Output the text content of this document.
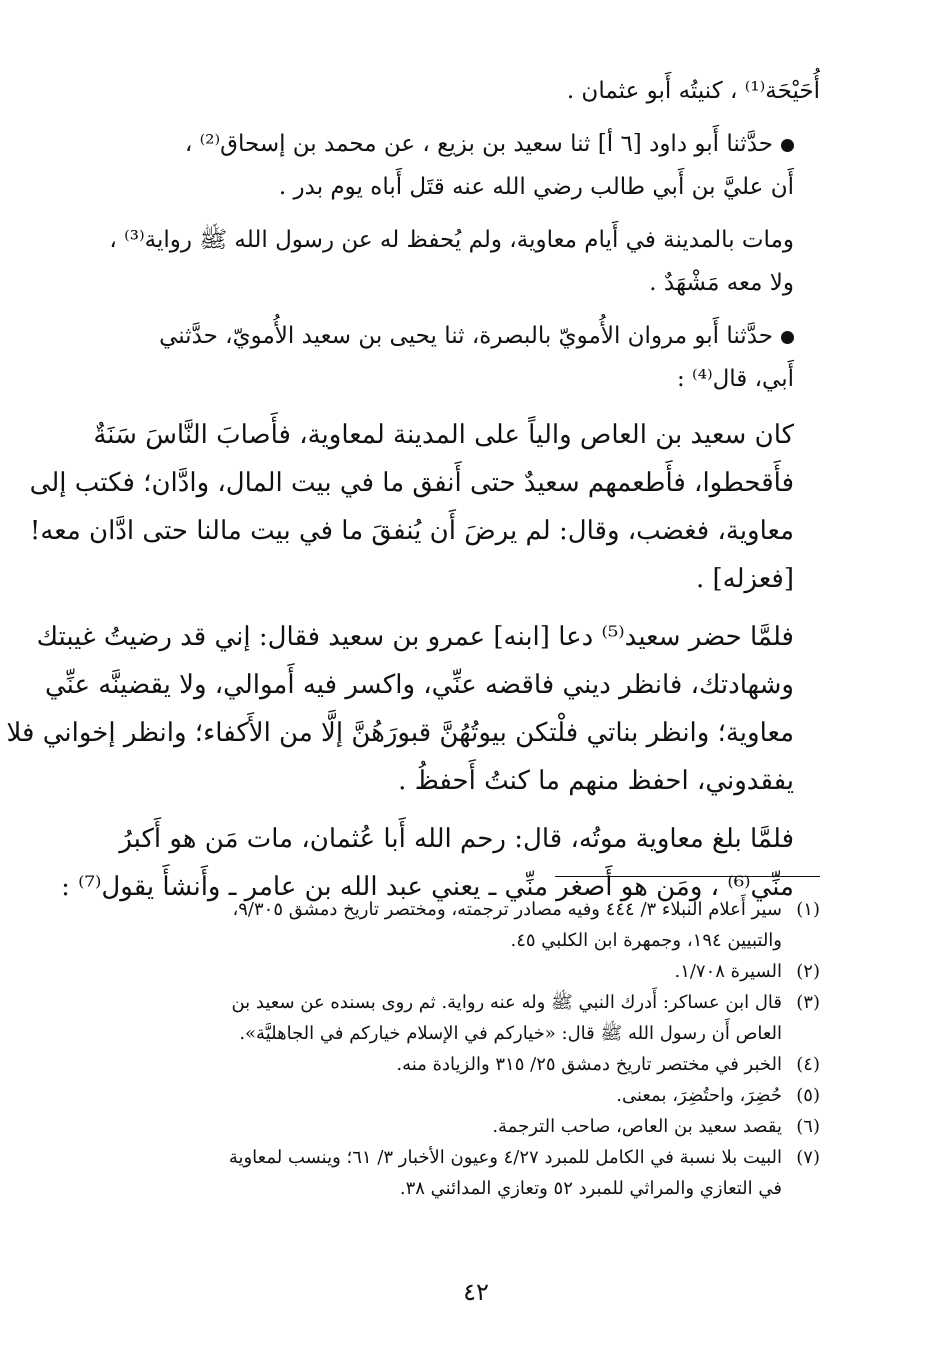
أُحَيْحَة⁽¹⁾ ، كنيتُه أَبو عثمان .

حدَّثنا أَبو داود [٦ أ] ثنا سعيد بن بزيع ، عن محمد بن إسحاق⁽²⁾ ،

أَن عليَّ بن أَبي طالب رضي الله عنه قتَل أَباه يوم بدر .

ومات بالمدينة في أَيام معاوية، ولم يُحفظ له عن رسول الله ﷺ رواية⁽³⁾ ،

ولا معه مَشْهَدٌ .

حدَّثنا أَبو مروان الأُمويّ بالبصرة، ثنا يحيى بن سعيد الأُمويّ، حدَّثني

أَبي، قال⁽⁴⁾ :

كان سعيد بن العاص والياً على المدينة لمعاوية، فأَصابَ النَّاسَ سَنَةٌ

فأَقحطوا، فأَطعمهم سعيدٌ حتى أَنفق ما في بيت المال، وادَّان؛ فكتب إلى

معاوية، فغضب، وقال: لم يرضَ أَن يُنفقَ ما في بيت مالنا حتى ادَّان معه!

[فعزله] .

فلمَّا حضر سعيد⁽⁵⁾ دعا [ابنه] عمرو بن سعيد فقال: إني قد رضيتُ غيبتك

وشهادتك، فانظر ديني فاقضه عنِّي، واكسر فيه أَموالي، ولا يقضينَّه عنِّي

معاوية؛ وانظر بناتي فلْتكن بيوتُهُنَّ قبورَهُنَّ إلَّا من الأَكفاء؛ وانظر إخواني فلا

يفقدوني، احفظ منهم ما كنتُ أَحفظُ .

فلمَّا بلغ معاوية موتُه، قال: رحم الله أَبا عُثمان، مات مَن هو أَكبرُ

منِّي⁽⁶⁾ ، ومَن هو أَصغر منِّي ـ يعني عبد الله بن عامر ـ وأَنشأَ يقول⁽⁷⁾ :

(١)سير أَعلام النبلاء ٣/ ٤٤٤ وفيه مصادر ترجمته، ومختصر تاريخ دمشق ٩/٣٠٥،

والتبيين ١٩٤، وجمهرة ابن الكلبي ٤٥.

(٢)السيرة ١/٧٠٨.

(٣)قال ابن عساكر: أَدرك النبي ﷺ وله عنه رواية. ثم روى بسنده عن سعيد بن

العاص أَن رسول الله ﷺ قال: «خياركم في الإسلام خياركم في الجاهليَّة».

(٤)الخبر في مختصر تاريخ دمشق ٢٥/ ٣١٥ والزيادة منه.

(٥)حُضِرَ، واحتُضِرَ، بمعنى.

(٦)يقصد سعيد بن العاص، صاحب الترجمة.

(٧)البيت بلا نسبة في الكامل للمبرد ٤/٢٧ وعيون الأخبار ٣/ ٦١؛ وينسب لمعاوية

في التعازي والمراثي للمبرد ٥٢ وتعازي المدائني ٣٨.

٤٢
